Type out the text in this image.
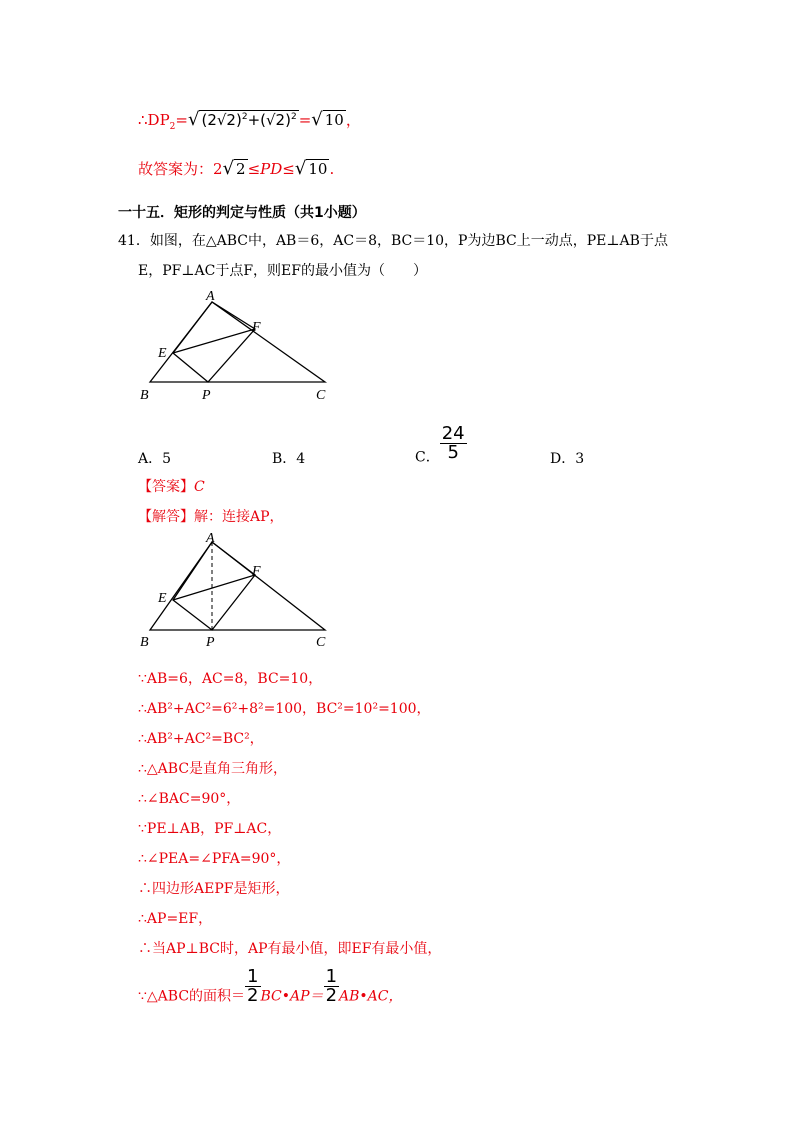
$\therefore DP_2=√$ $(2√2)^2+(√2)^2$ =√ 10 ，
故答案为：2√ 2 ≤PD≤√ 10 .
一十五．矩形的判定与性质（共1小题）
41．如图，在△ABC中，AB＝6，AC＝8，BC＝10，P为边BC上一动点，PE⊥AB于点
E，PF⊥AC于点F，则EF的最小值为（　　）
A
B	C
E
F
P
A．5	B．4	C． $\frac{24}{5}$	D．3
【答案】C
【解答】解：连接AP，
A
B	C
E
F
P
∵AB=6，AC=8，BC=10，
∴AB²+AC²=6²+8²=100，BC²=10²=100，
∴AB²+AC²=BC²，
∴△ABC是直角三角形，
∴∠BAC=90°，
∵PE⊥AB，PF⊥AC，
∴∠PEA=∠PFA=90°，
∴四边形AEPF是矩形，
∴AP=EF，
∴当AP⊥BC时，AP有最小值，即EF有最小值，
∵△ABC的面积＝ $\frac{1}{2}$ BC•AP＝ $\frac{1}{2}$ AB•AC，
